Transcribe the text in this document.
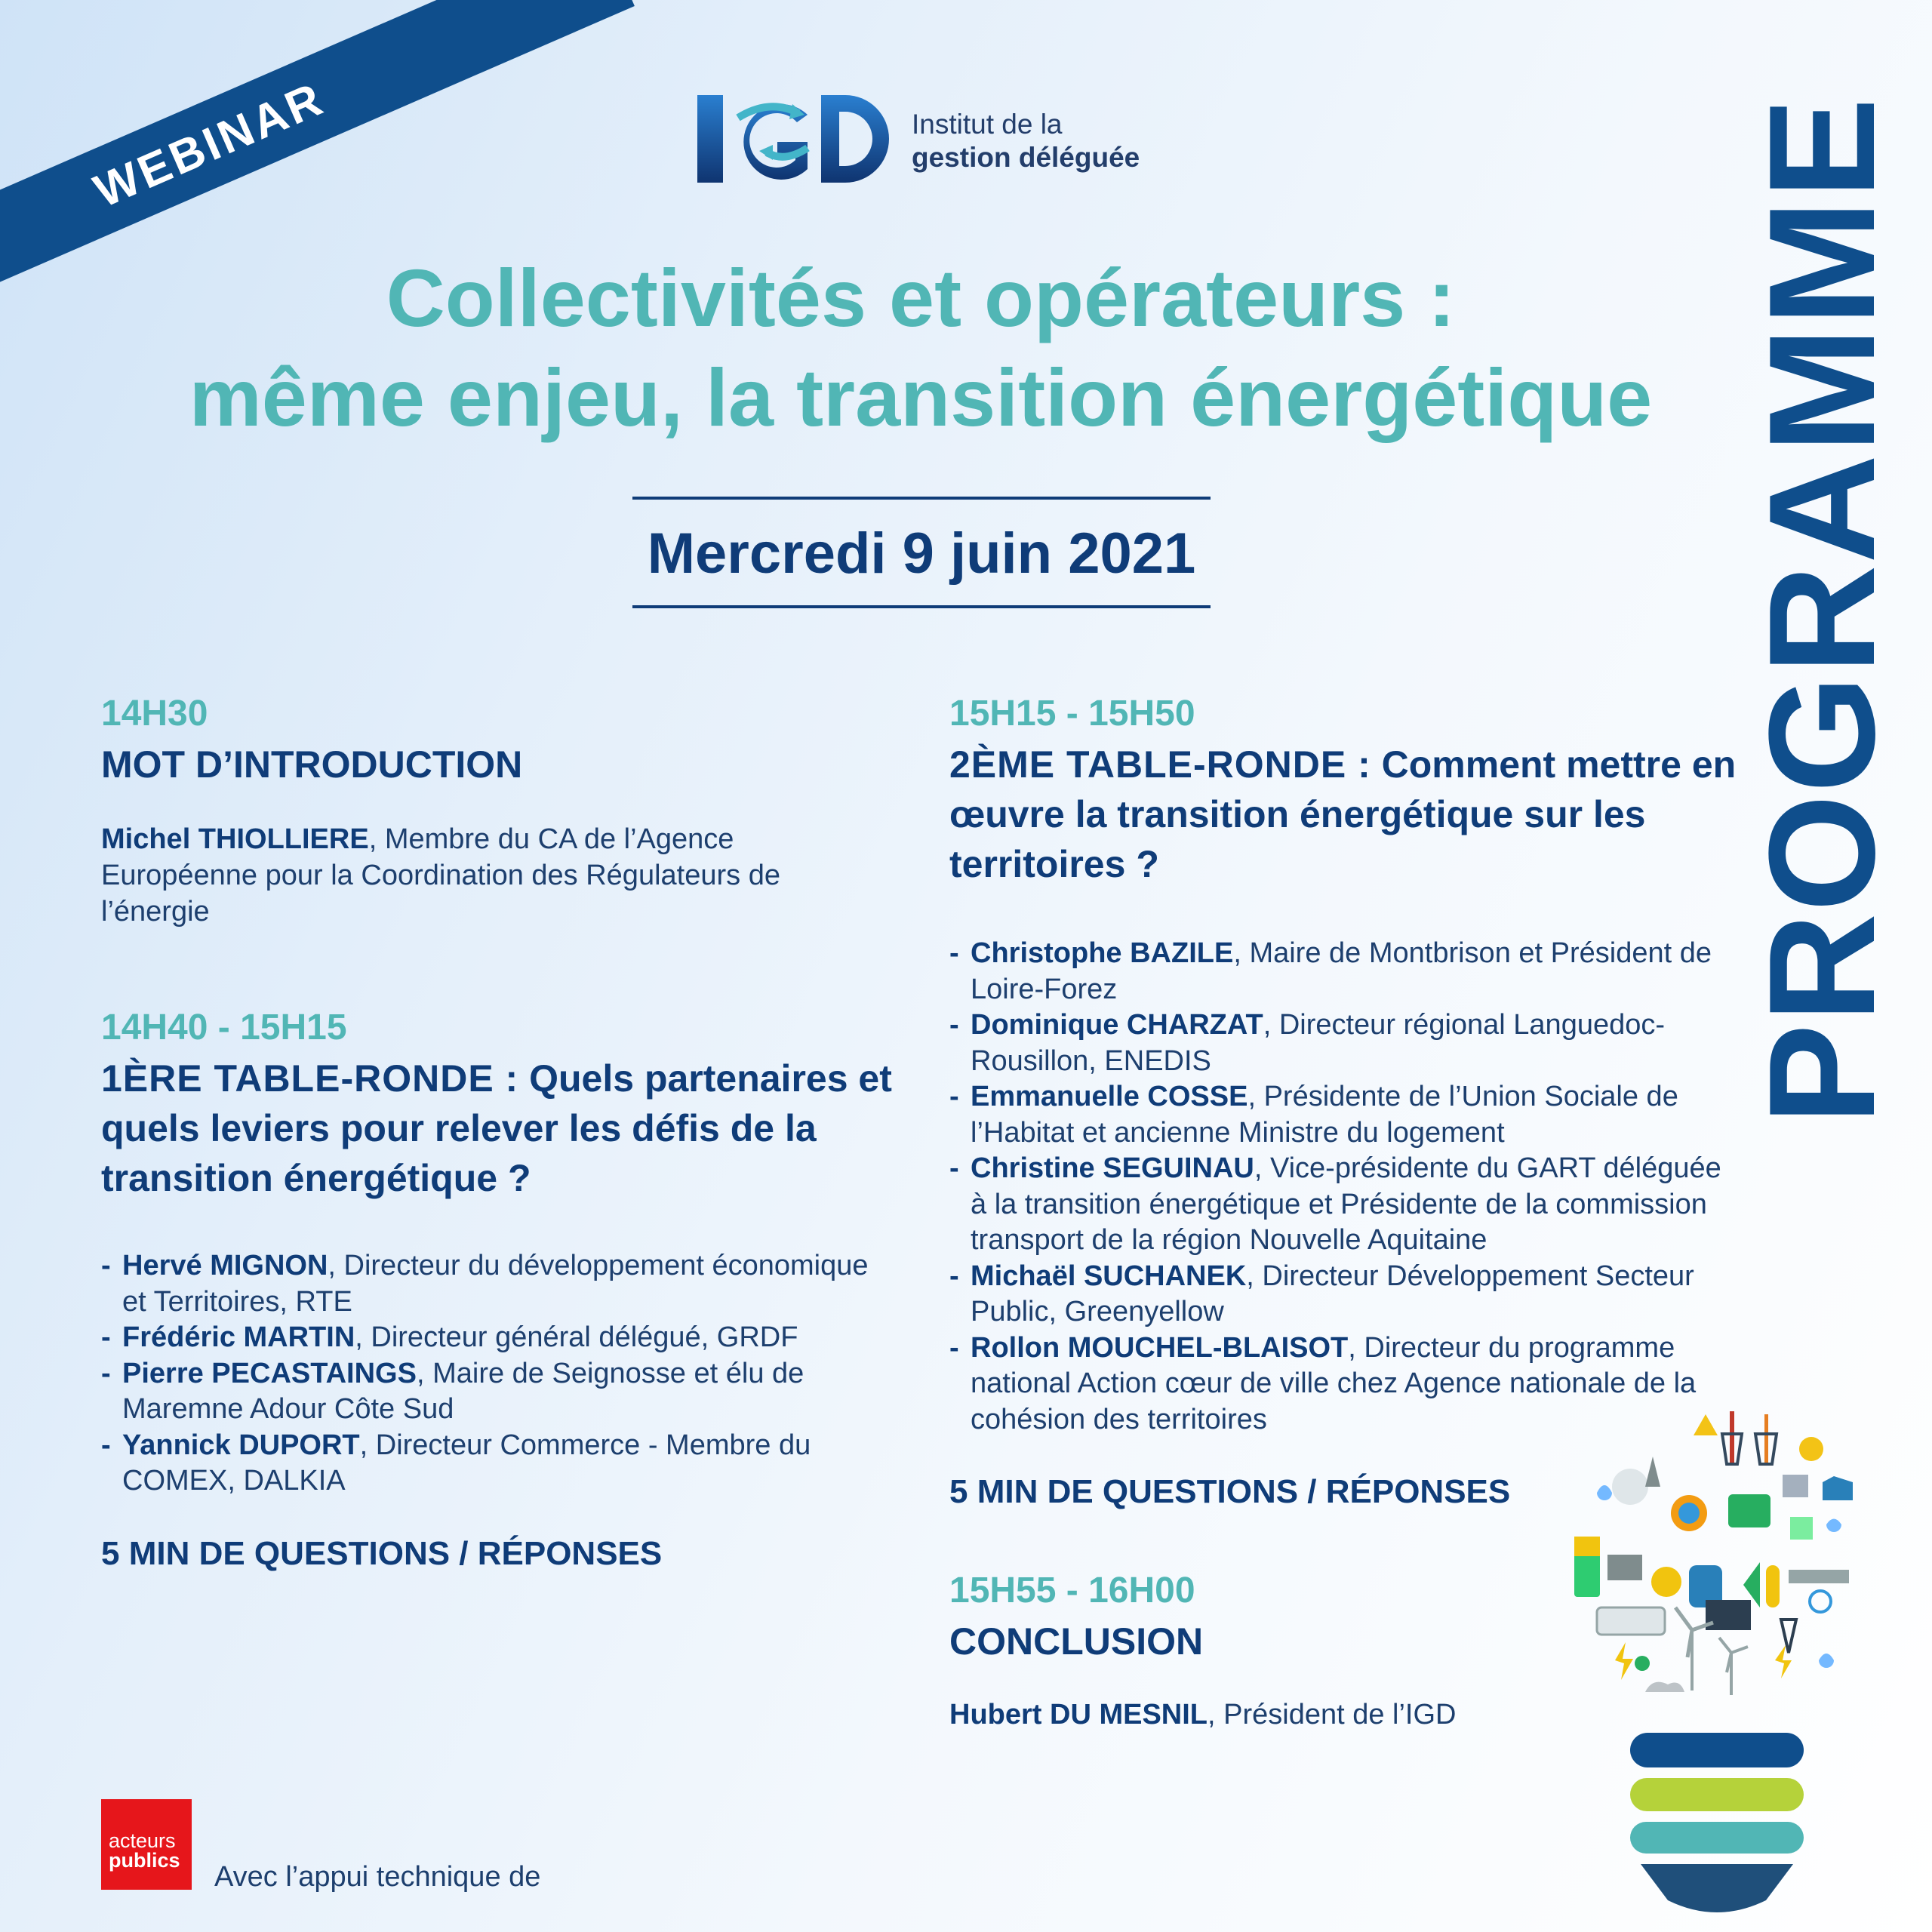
WEBINAR	Institut de la
gestion déléguée
Collectivités et opérateurs :
même enjeu, la transition énergétique
Mercredi 9 juin 2021	PROGRAMME
14H30
MOT D’INTRODUCTION
Michel THIOLLIERE, Membre du CA de l’Agence Européenne pour la Coordination des Régulateurs de l’énergie
14H40 - 15H15
1ÈRE TABLE-RONDE : Quels partenaires et quels leviers pour relever les défis de la transition énergétique ?
- Hervé MIGNON, Directeur du développement économique et Territoires, RTE
- Frédéric MARTIN, Directeur général délégué, GRDF
- Pierre PECASTAINGS, Maire de Seignosse et élu de Maremne Adour Côte Sud
- Yannick DUPORT, Directeur Commerce - Membre du COMEX, DALKIA
5 MIN DE QUESTIONS / RÉPONSES
15H15 - 15H50
2ÈME TABLE-RONDE : Comment mettre en œuvre la transition énergétique sur les territoires ?
- Christophe BAZILE, Maire de Montbrison et Président de Loire-Forez
- Dominique CHARZAT, Directeur régional Languedoc-Rousillon, ENEDIS
- Emmanuelle COSSE, Présidente de l’Union Sociale de l’Habitat et ancienne Ministre du logement
- Christine SEGUINAU, Vice-présidente du GART déléguée à la transition énergétique et Présidente de la commission transport de la région Nouvelle Aquitaine
- Michaël SUCHANEK, Directeur Développement Secteur Public, Greenyellow
- Rollon MOUCHEL-BLAISOT, Directeur du programme national Action cœur de ville chez Agence nationale de la cohésion des territoires
5 MIN DE QUESTIONS / RÉPONSES
15H55 - 16H00
CONCLUSION
Hubert DU MESNIL, Président de l’IGD
acteurs
publics
Avec l’appui technique de
